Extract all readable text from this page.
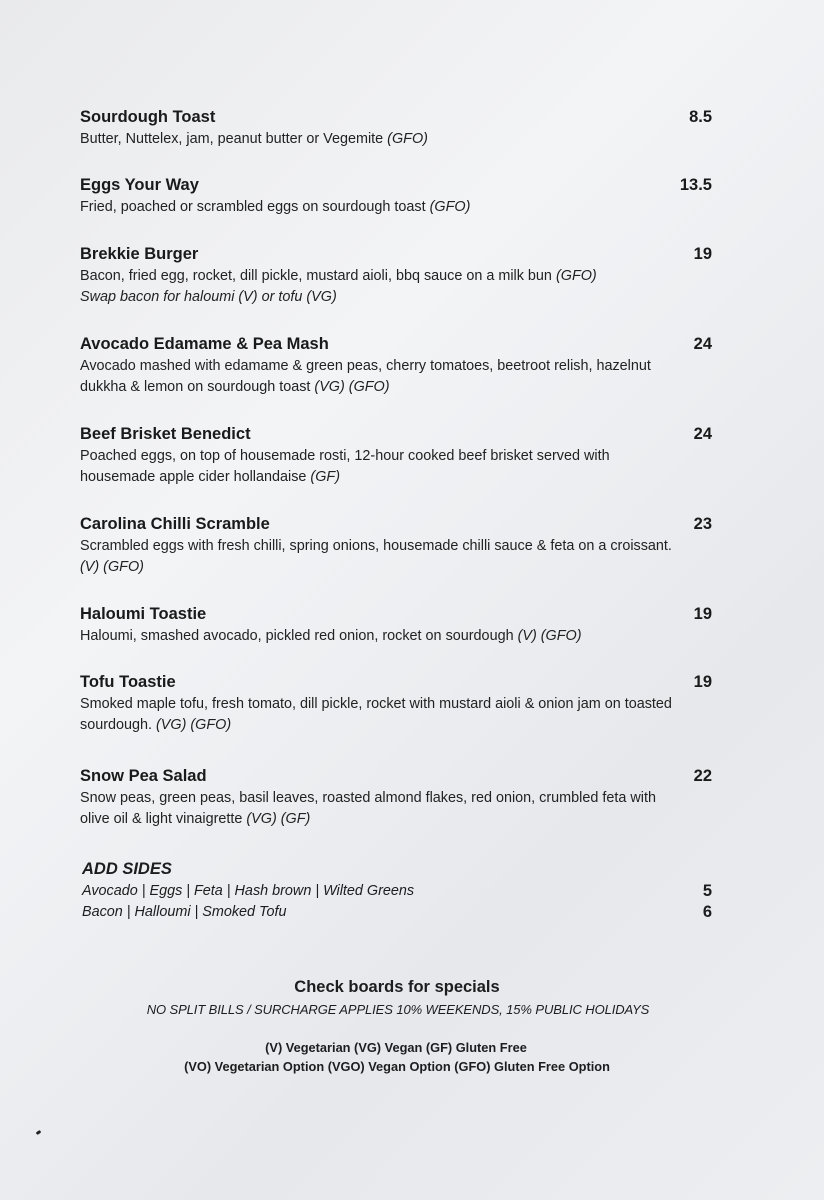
Sourdough Toast	8.5
Butter, Nuttelex, jam, peanut butter or Vegemite (GFO)
Eggs Your Way	13.5
Fried, poached or scrambled eggs on sourdough toast (GFO)
Brekkie Burger	19
Bacon, fried egg, rocket, dill pickle, mustard aioli, bbq sauce on a milk bun (GFO)
Swap bacon for haloumi (V) or tofu (VG)
Avocado Edamame & Pea Mash	24
Avocado mashed with edamame & green peas, cherry tomatoes, beetroot relish, hazelnut dukkha & lemon on sourdough toast (VG) (GFO)
Beef Brisket Benedict	24
Poached eggs, on top of housemade rosti, 12-hour cooked beef brisket served with housemade apple cider hollandaise (GF)
Carolina Chilli Scramble	23
Scrambled eggs with fresh chilli, spring onions, housemade chilli sauce & feta on a croissant. (V) (GFO)
Haloumi Toastie	19
Haloumi, smashed avocado, pickled red onion, rocket on sourdough (V) (GFO)
Tofu Toastie	19
Smoked maple tofu, fresh tomato, dill pickle, rocket with mustard aioli & onion jam on toasted sourdough. (VG) (GFO)
Snow Pea Salad	22
Snow peas, green peas, basil leaves, roasted almond flakes, red onion, crumbled feta with olive oil & light vinaigrette (VG) (GF)
ADD SIDES
Avocado | Eggs | Feta | Hash brown | Wilted Greens	5
Bacon | Halloumi | Smoked Tofu	6
Check boards for specials
NO SPLIT BILLS / SURCHARGE APPLIES 10% WEEKENDS, 15% PUBLIC HOLIDAYS
(V) Vegetarian (VG) Vegan (GF) Gluten Free
(VO) Vegetarian Option (VGO) Vegan Option (GFO) Gluten Free Option
